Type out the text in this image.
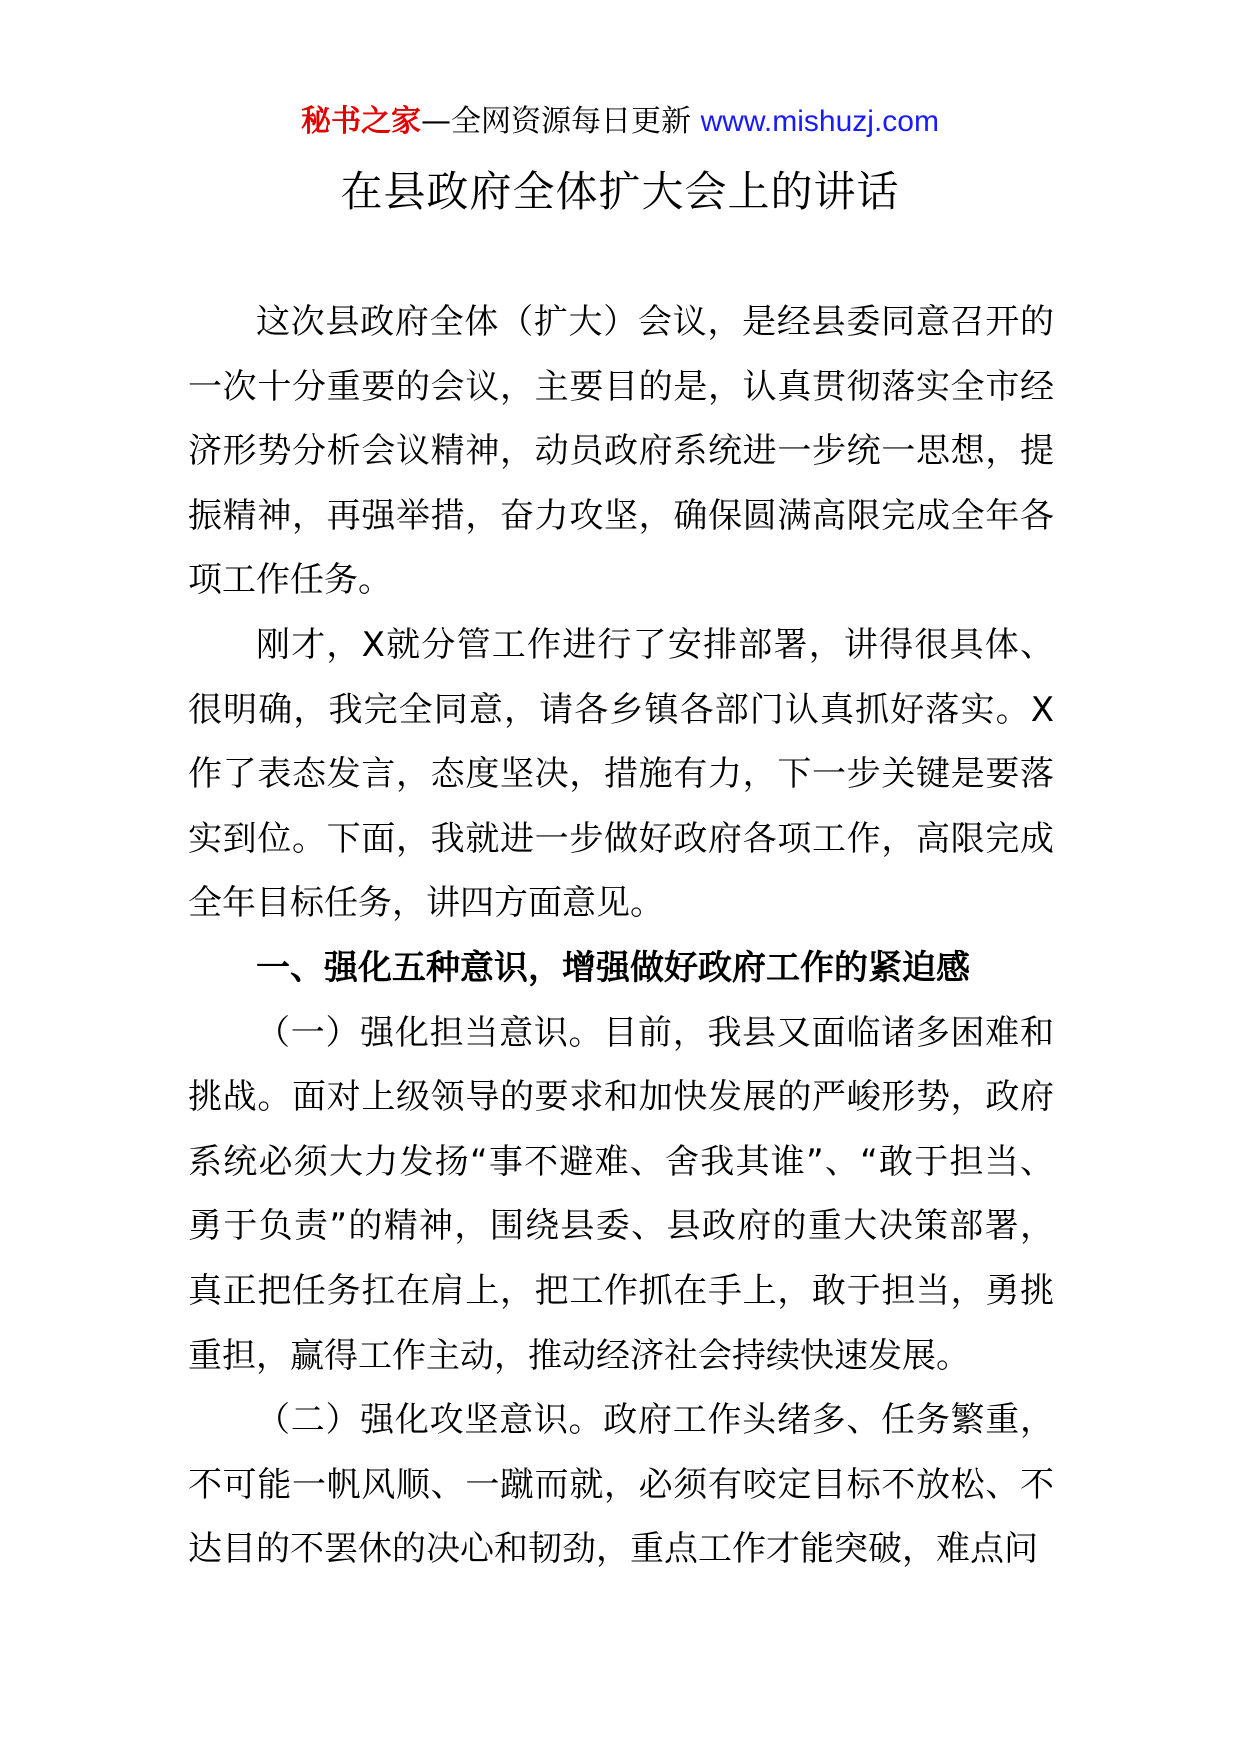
秘书之家—全网资源每日更新 www.mishuzj.com
在县政府全体扩大会上的讲话

这次县政府全体（扩大）会议，是经县委同意召开的一次十分重要的会议，主要目的是，认真贯彻落实全市经济形势分析会议精神，动员政府系统进一步统一思想，提振精神，再强举措，奋力攻坚，确保圆满高限完成全年各项工作任务。

刚才，X就分管工作进行了安排部署，讲得很具体、很明确，我完全同意，请各乡镇各部门认真抓好落实。X作了表态发言，态度坚决，措施有力，下一步关键是要落实到位。下面，我就进一步做好政府各项工作，高限完成全年目标任务，讲四方面意见。

一、强化五种意识，增强做好政府工作的紧迫感

（一）强化担当意识。目前，我县又面临诸多困难和挑战。面对上级领导的要求和加快发展的严峻形势，政府系统必须大力发扬“事不避难、舍我其谁”、“敢于担当、勇于负责”的精神，围绕县委、县政府的重大决策部署，真正把任务扛在肩上，把工作抓在手上，敢于担当，勇挑重担，赢得工作主动，推动经济社会持续快速发展。

（二）强化攻坚意识。政府工作头绪多、任务繁重，不可能一帆风顺、一蹴而就，必须有咬定目标不放松、不达目的不罢休的决心和韧劲，重点工作才能突破，难点问
